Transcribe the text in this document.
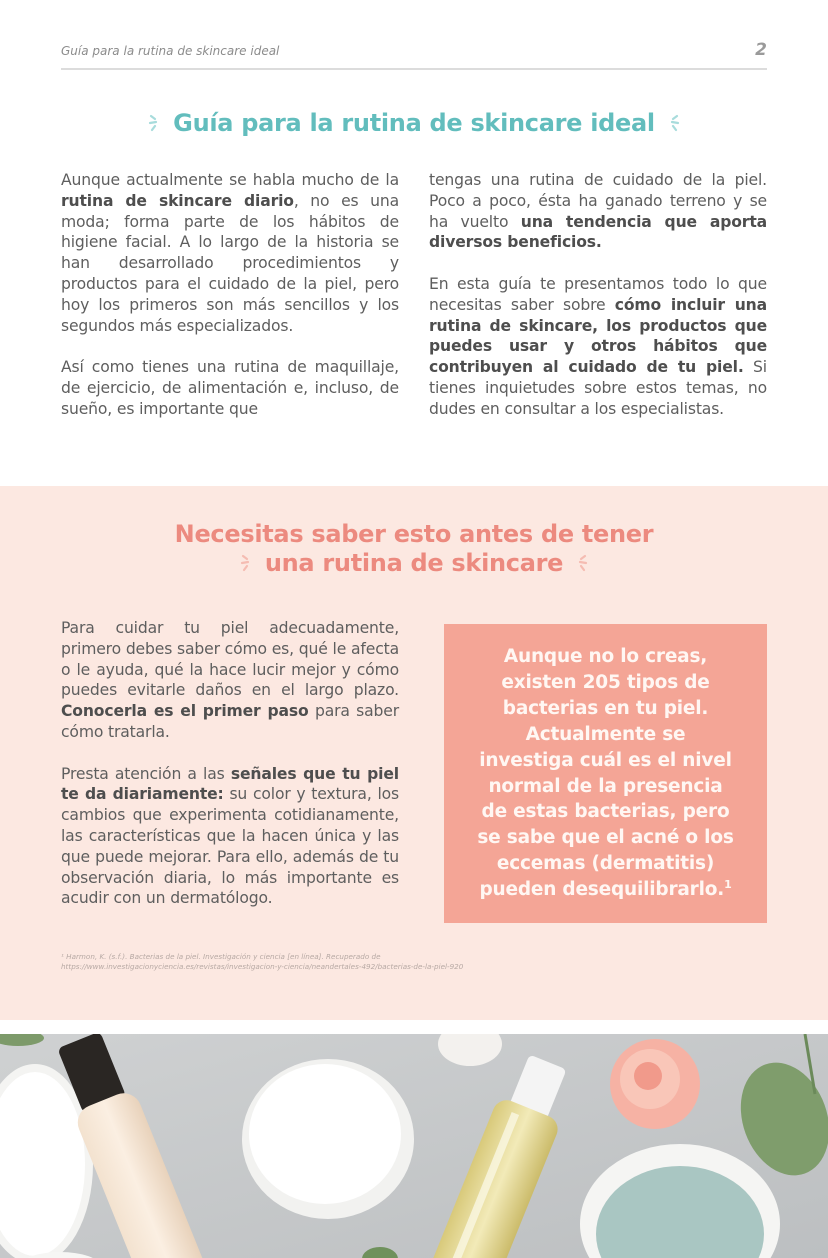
Guía para la rutina de skincare ideal	2
Guía para la rutina de skincare ideal

Aunque actualmente se habla mucho de la rutina de skincare diario, no es una moda; forma parte de los hábitos de higiene facial. A lo largo de la historia se han desarrollado procedimientos y productos para el cuidado de la piel, pero hoy los primeros son más sencillos y los segundos más especializados.

Así como tienes una rutina de maquillaje, de ejercicio, de alimentación e, incluso, de sueño, es importante que

tengas una rutina de cuidado de la piel. Poco a poco, ésta ha ganado terreno y se ha vuelto una tendencia que aporta diversos beneficios.

En esta guía te presentamos todo lo que necesitas saber sobre cómo incluir una rutina de skincare, los productos que puedes usar y otros hábitos que contribuyen al cuidado de tu piel. Si tienes inquietudes sobre estos temas, no dudes en consultar a los especialistas.

Necesitas saber esto antes de tener
una rutina de skincare

Para cuidar tu piel adecuadamente, primero debes saber cómo es, qué le afecta o le ayuda, qué la hace lucir mejor y cómo puedes evitarle daños en el largo plazo. Conocerla es el primer paso para saber cómo tratarla.

Presta atención a las señales que tu piel te da diariamente: su color y textura, los cambios que experimenta cotidianamente, las características que la hacen única y las que puede mejorar. Para ello, además de tu observación diaria, lo más importante es acudir con un dermatólogo.

Aunque no lo creas,
existen 205 tipos de
bacterias en tu piel.
Actualmente se
investiga cuál es el nivel
normal de la presencia
de estas bacterias, pero
se sabe que el acné o los
eccemas (dermatitis)
pueden desequilibrarlo.$^1$
¹ Harmon, K. (s.f.). Bacterias de la piel. Investigación y ciencia [en línea]. Recuperado de
https://www.investigacionyciencia.es/revistas/investigacion-y-ciencia/neandertales-492/bacterias-de-la-piel-920
